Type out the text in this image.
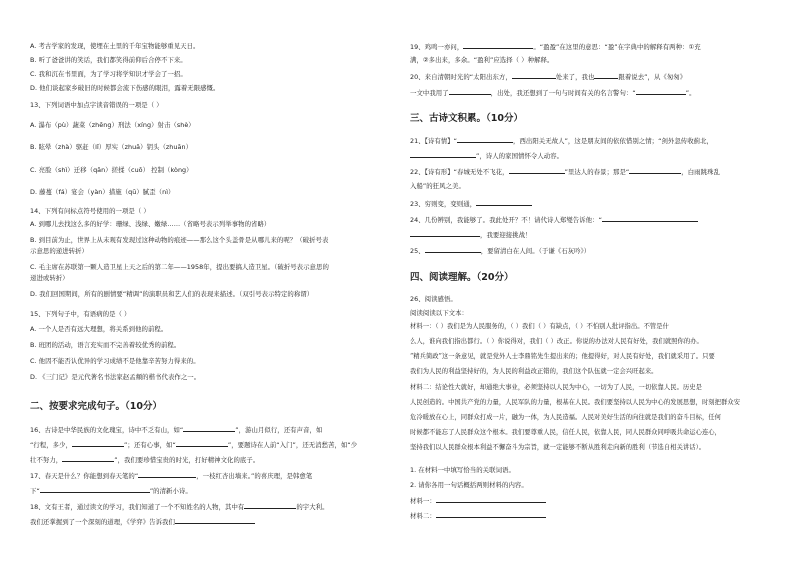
A. 考古学家的发现，使埋在土里的千年宝物能够重见天日。
B. 听了爸爸讲的笑话，我们都笑得前仰后合停不下来。
C. 我和沉在书里面，为了学习将学知识才学会了一招。
D. 他们谈起家乡破旧的时候都会流下伤感的眼泪，露着无限感慨。
13、下列词语中加点字读音错误的一项是（ ）
A. 瀑布（pù）蔬菜（zhēng）刑法（xíng）射击（shè）
B. 眩晕（zhà）驱赶（lǐ）厚实（zhuā）钥头（zhuān）
C. 亮脸（shì）迁移（qān）搓揉（cuō） 控制（kòng）
D. 藤蔓（fá）宴会（yàn）措施（qū）腻歪（nì）
14、下列有问标点符号使用的一项是（ ）
A. 到哪儿去找这么多的好学：珊绿、浅绿、嫩绿……（省略号表示列举事物的省略）
B. 到目前为止，世界上从未观有发现过这种动物的痕迹——那么这个头盖骨是从哪儿来的呢？（破折号表
示意思的递进转折）
C. 毛主席在苏联第一颗人造卫星上天之后的第二年——1958年，提出要搞人造卫星。（破折号表示意思的
递进或转折）
D. 我们回国期间，所有的剧情要“精调”的演职员和艺人们的表现来描述。（双引号表示特定的称谓）
15、下列句子中，有语病的是（ ）
A. 一个人是否有远大理想，将关系到他的前程。
B. 班团的活动，语言充实而不完善着较优秀的前程。
C. 他因不能否认优异的学习成绩不是他靠辛苦努力得来的。
D. 《三门记》是元代著名书法家赵孟頫的楷书代表作之一。
二、按要求完成句子。（10分）
16、古诗是中华民族的文化瑰宝，诗中不乏有山，如“	”，游山月似行，还有声音，如
“行程，多少，	”；还有心事，如“	”，要题诗在人前“入门”，还无消愁苦，如“少
壮不努力，	”，我们要珍惜宝贵的时光，打好精神文化的底子。
17、春天是什么？你能想到春天笔的“	，一枝红杏出墙来。”的喜庆理，是韩愈笔
下“	”的清新小诗。
18、文有王者，通过读文的学习，我们知道了一个不知姓名的人物，其中有	的宇大利。
我们还掌握到了一个深刻的道理，《学弈》告诉我们
19、鸡鸣一亦问，	。“盈盈”在这里的意思：“盈”在字典中的解释有两种：①充
满，②多出来，多余。“盈利”应选择（ ）种解释。
20、来自清朝时光的“太阳出东方，	处来了，我也	跟着说去”，从《匆匆》
一文中我用了	，出处，我还想到了一句与时间有关的名言警句：“	”。
三、古诗文积累。（10分）
21、【诗有情】“	，西出阳关无故人”，这是朋友间的依依惜别之情；“剑外忽传收蓟北，
”，诗人的家国情怀令人动容。
22、【诗有形】“春城无处不飞花，	”里达人的春景；那是“	，白雨跳珠乱
入船”的狂风之美。
23、穷则变，变则通，
24、几份辨别，我能够了。我此处开？不！请代诗人郑燮告诉他：“
，我要迎接挑战！
25、	，要留清白在人间。（于谦《石灰吟》）
四、阅读理解。（20分）
26、阅读感悟。
阅读阅读以下文本：
材料一：（ ）我们是为人民服务的，（ ）我们（ ）有缺点，（ ）不怕别人批评指出。不管是什
么人，谁向我们指出都行。（ ）你说得对，我们（ ）改正。你说的办法对人民有好处，我们就照你的办。
“精兵简政”这一条意见，就是党外人士李鼎铭先生提出来的；他提得好，对人民有好处，我们就采用了。只要
我们为人民的利益坚持好的，为人民的利益改正错的，我们这个队伍就一定会兴旺起来。
材料二：结论性大就好，却通绝大事业，必须坚持以人民为中心，一切为了人民，一切依靠人民。历史是
人民创造的。中国共产党的力量，人民军队的力量，根基在人民。我们要坚持以人民为中心的发展思想，时刻把群众安
危冷暖放在心上，同群众打成一片，融为一体，为人民造福。人民对美好生活的向往就是我们的奋斗目标，任何
时候都不能忘了人民群众这个根本。我们要尊重人民，信任人民，依靠人民，同人民群众同呼吸共命运心连心，
坚持我们以人民群众根本利益不懈奋斗为宗旨，就一定能够不断从胜利走向新的胜利（节选自相关讲话）。
1. 在材料一中填写恰当的关联词语。
2. 请你各用一句话概括两则材料的内容。
材料一：
材料二：
